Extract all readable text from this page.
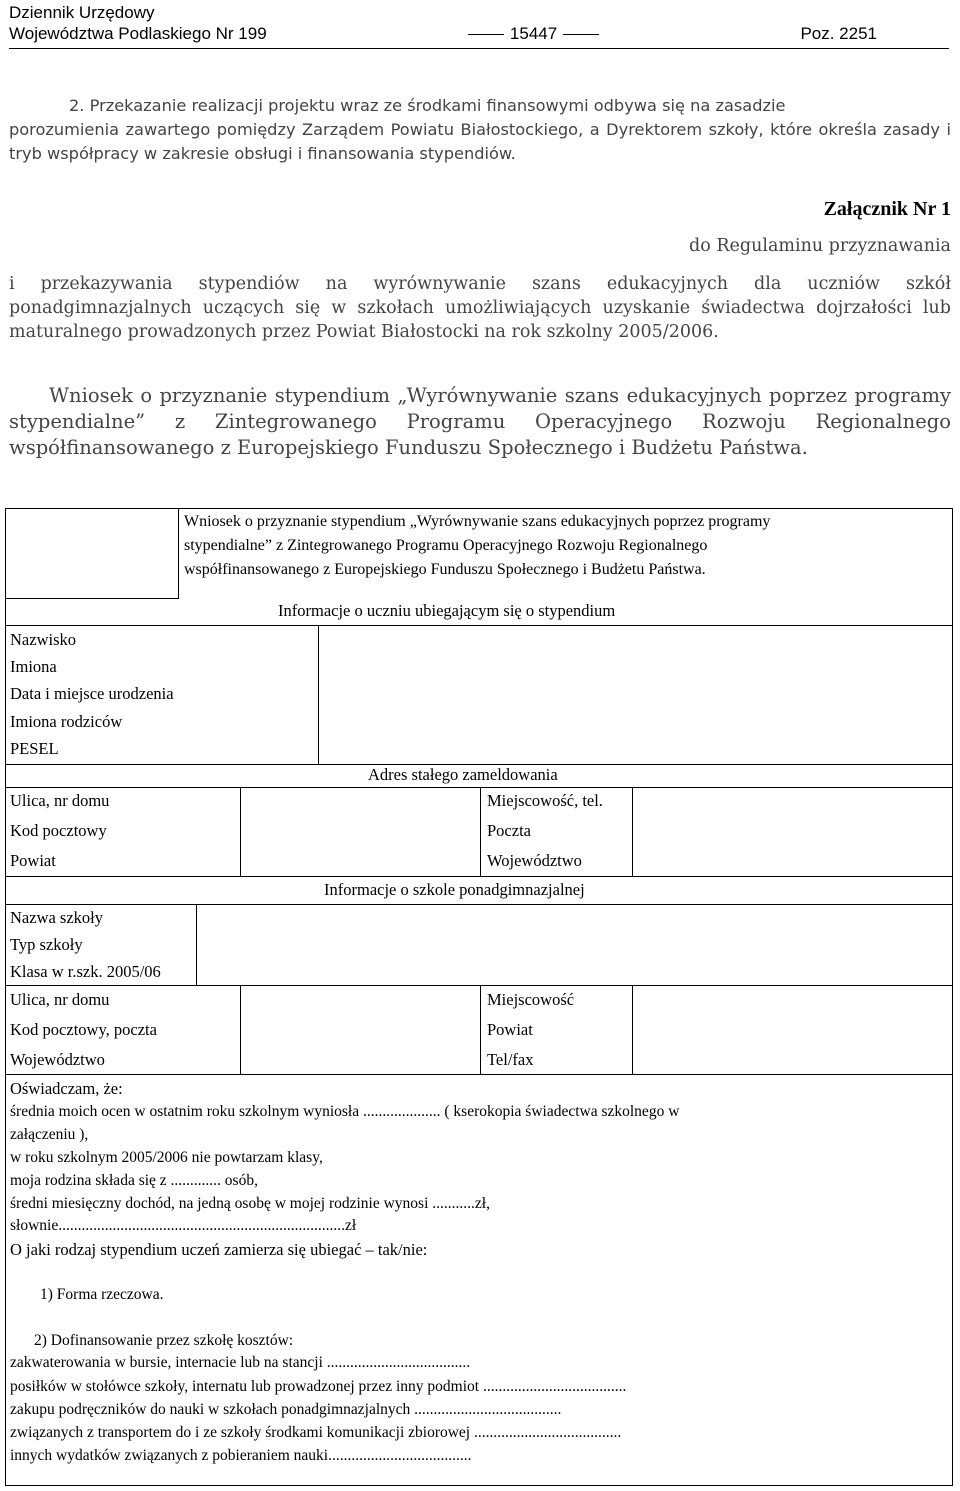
Dziennik Urzędowy
Województwa Podlaskiego Nr 199	15447	Poz. 2251
2. Przekazanie realizacji projektu wraz ze środkami finansowymi odbywa się na zasadzie
porozumienia zawartego pomiędzy Zarządem Powiatu Białostockiego, a Dyrektorem szkoły, które określa zasady i tryb współpracy w zakresie obsługi i finansowania stypendiów.
Załącznik Nr 1
do Regulaminu przyznawania
i przekazywania stypendiów na wyrównywanie szans edukacyjnych dla uczniów szkół
ponadgimnazjalnych uczących się w szkołach umożliwiających uzyskanie świadectwa dojrzałości lub maturalnego prowadzonych przez Powiat Białostocki na rok szkolny 2005/2006.
Wniosek o przyznanie stypendium „Wyrównywanie szans edukacyjnych poprzez programy
stypendialne” z Zintegrowanego Programu Operacyjnego Rozwoju Regionalnego
współfinansowanego z Europejskiego Funduszu Społecznego i Budżetu Państwa.
Wniosek o przyznanie stypendium „Wyrównywanie szans edukacyjnych poprzez programy
stypendialne” z Zintegrowanego Programu Operacyjnego Rozwoju Regionalnego
współfinansowanego z Europejskiego Funduszu Społecznego i Budżetu Państwa.
Informacje o uczniu ubiegającym się o stypendium
Nazwisko
Imiona
Data i miejsce urodzenia
Imiona rodziców
PESEL
Adres stałego zameldowania
Ulica, nr domu
Kod pocztowy
Powiat
Miejscowość, tel.
Poczta
Województwo
Informacje o szkole ponadgimnazjalnej
Nazwa szkoły
Typ szkoły
Klasa w r.szk. 2005/06
Ulica, nr domu
Kod pocztowy, poczta
Województwo
Miejscowość
Powiat
Tel/fax
Oświadczam, że:
średnia moich ocen w ostatnim roku szkolnym wyniosła .................... ( kserokopia świadectwa szkolnego w
załączeniu ),
w roku szkolnym 2005/2006 nie powtarzam klasy,
moja rodzina składa się z ............. osób,
średni miesięczny dochód, na jedną osobę w mojej rodzinie wynosi ...........zł,
słownie..........................................................................zł
O jaki rodzaj stypendium uczeń zamierza się ubiegać – tak/nie:
1) Forma rzeczowa.
2) Dofinansowanie przez szkołę kosztów:
zakwaterowania w bursie, internacie lub na stancji .....................................
posiłków w stołówce szkoły, internatu lub prowadzonej przez inny podmiot .....................................
zakupu podręczników do nauki w szkołach ponadgimnazjalnych ......................................
związanych z transportem do i ze szkoły środkami komunikacji zbiorowej ......................................
innych wydatków związanych z pobieraniem nauki.....................................
